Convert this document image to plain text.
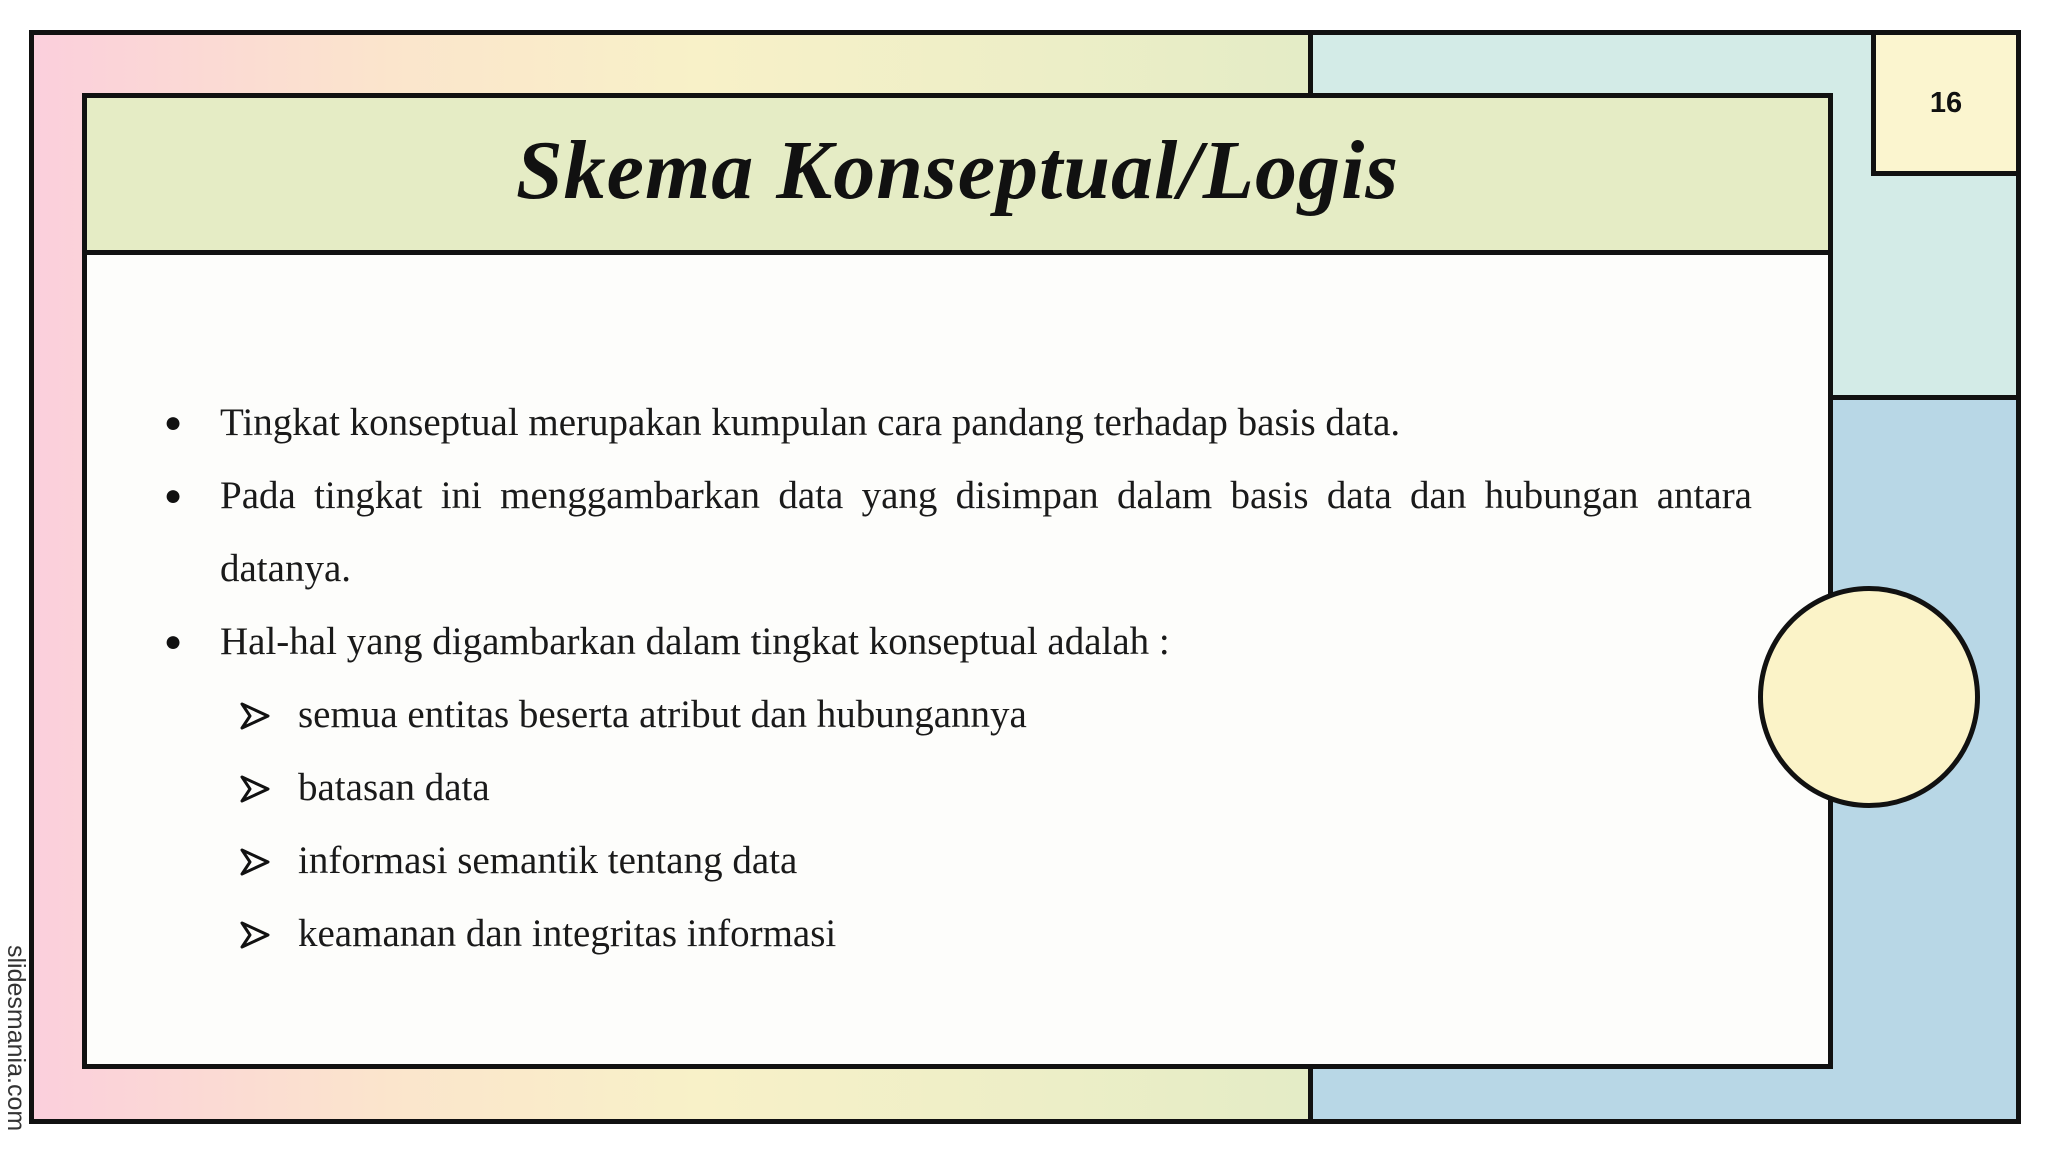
16
Skema Konseptual/Logis
● Tingkat konseptual merupakan kumpulan cara pandang terhadap basis data.
● Pada tingkat ini menggambarkan data yang disimpan dalam basis data dan hubungan antara datanya.
● Hal-hal yang digambarkan dalam tingkat konseptual adalah :
semua entitas beserta atribut dan hubungannya
batasan data
informasi semantik tentang data
keamanan dan integritas informasi
slidesmania.com
